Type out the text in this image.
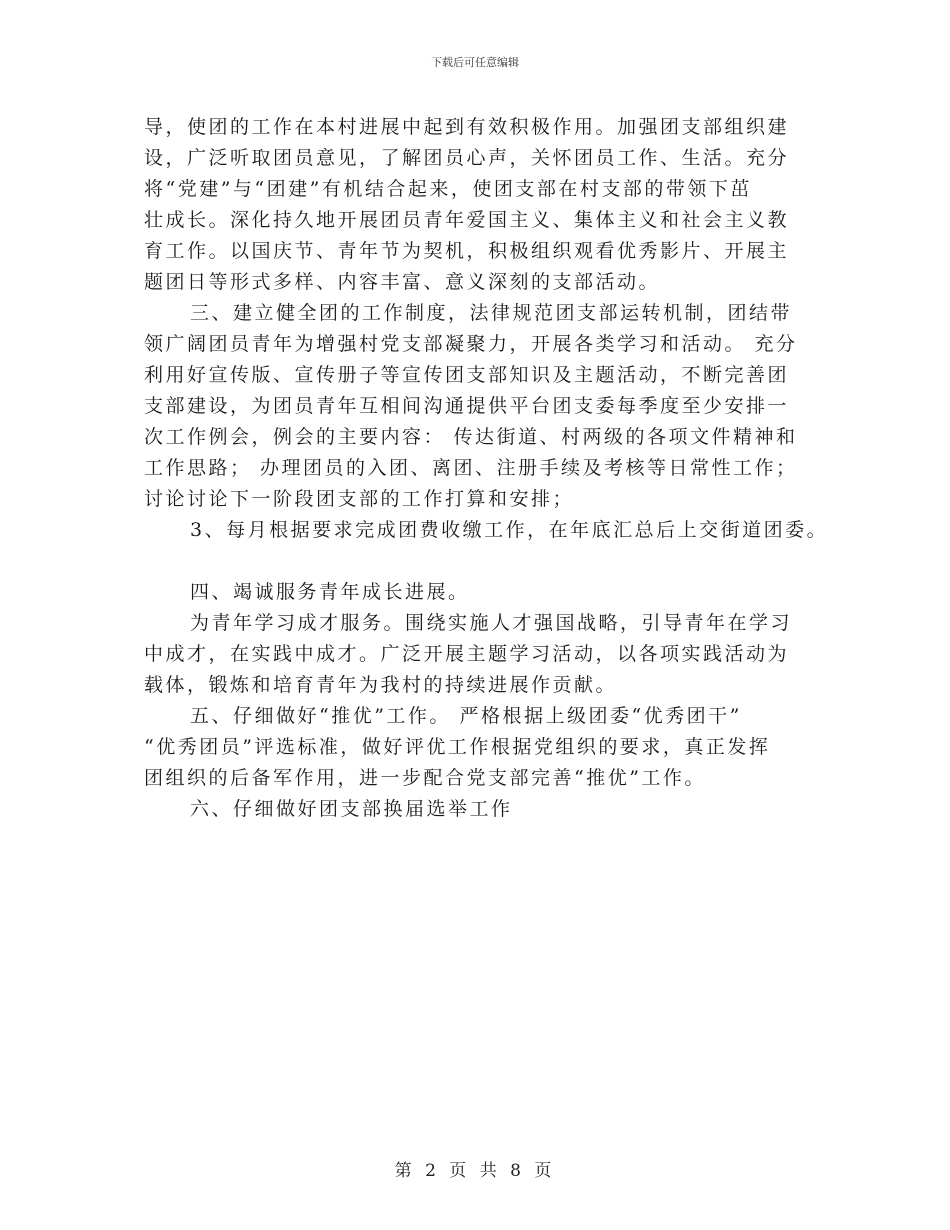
下载后可任意编辑
导，使团的工作在本村进展中起到有效积极作用。加强团支部组织建
设，广泛听取团员意见，了解团员心声，关怀团员工作、生活。充分
将“党建”与“团建”有机结合起来，使团支部在村支部的带领下茁
壮成长。深化持久地开展团员青年爱国主义、集体主义和社会主义教
育工作。以国庆节、青年节为契机，积极组织观看优秀影片、开展主
题团日等形式多样、内容丰富、意义深刻的支部活动。
三、建立健全团的工作制度，法律规范团支部运转机制，团结带
领广阔团员青年为增强村党支部凝聚力，开展各类学习和活动。 充分
利用好宣传版、宣传册子等宣传团支部知识及主题活动，不断完善团
支部建设，为团员青年互相间沟通提供平台团支委每季度至少安排一
次工作例会，例会的主要内容： 传达街道、村两级的各项文件精神和
工作思路； 办理团员的入团、离团、注册手续及考核等日常性工作；
讨论讨论下一阶段团支部的工作打算和安排；
3、每月根据要求完成团费收缴工作，在年底汇总后上交街道团委。
四、竭诚服务青年成长进展。
为青年学习成才服务。围绕实施人才强国战略，引导青年在学习
中成才，在实践中成才。广泛开展主题学习活动，以各项实践活动为
载体，锻炼和培育青年为我村的持续进展作贡献。
五、仔细做好“推优”工作。 严格根据上级团委“优秀团干”
“优秀团员”评选标准，做好评优工作根据党组织的要求，真正发挥
团组织的后备军作用，进一步配合党支部完善“推优”工作。
六、仔细做好团支部换届选举工作
第 2 页 共 8 页
